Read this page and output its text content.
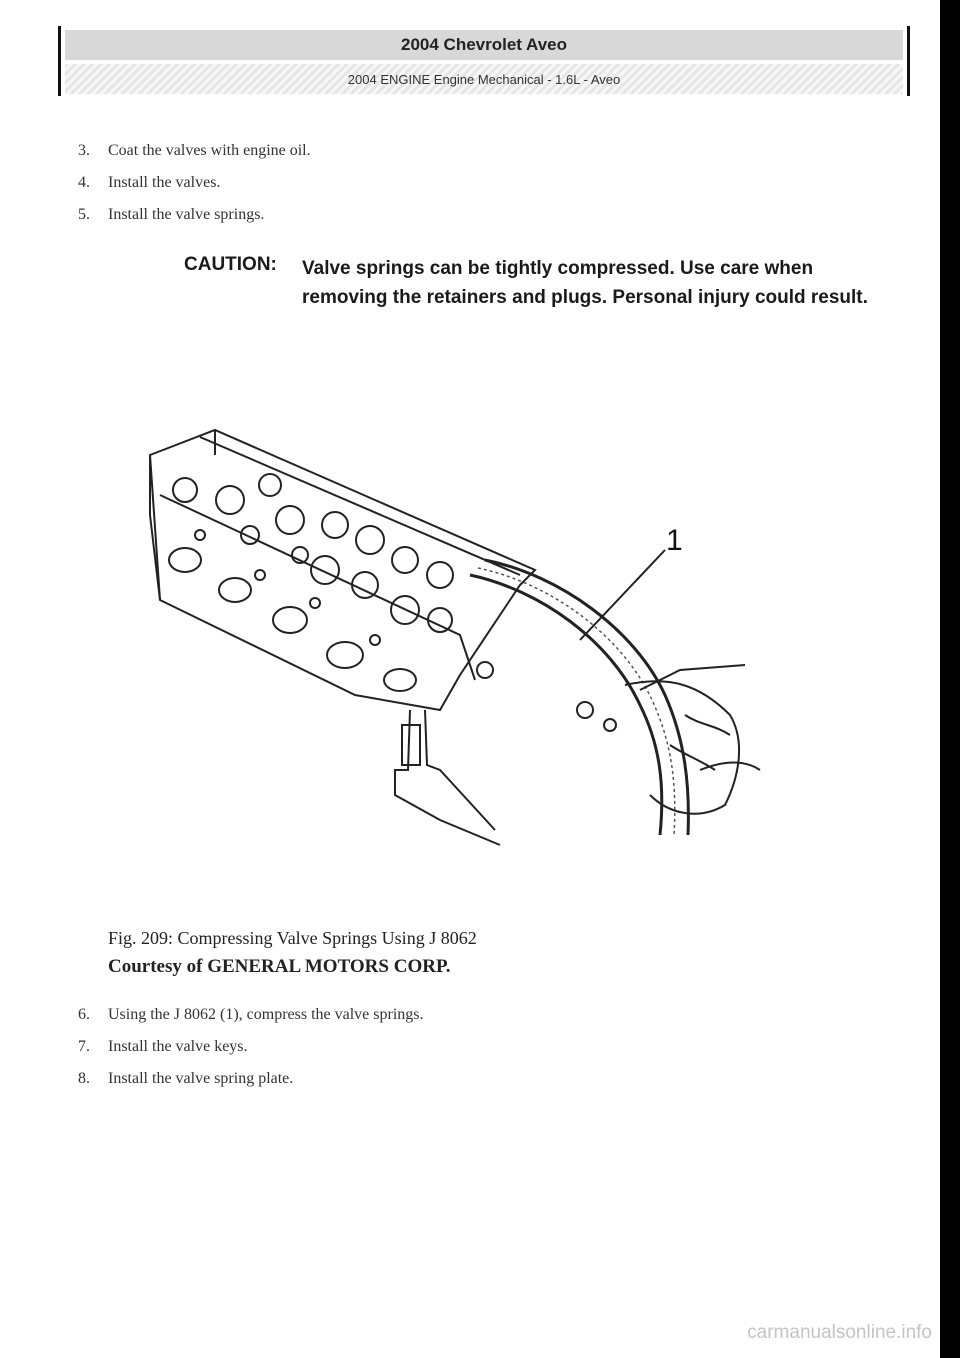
2004 Chevrolet Aveo
2004 ENGINE Engine Mechanical - 1.6L - Aveo
3. Coat the valves with engine oil.
4. Install the valves.
5. Install the valve springs.
CAUTION: Valve springs can be tightly compressed. Use care when removing the retainers and plugs. Personal injury could result.
1
Fig. 209: Compressing Valve Springs Using J 8062
Courtesy of GENERAL MOTORS CORP.
6. Using the J 8062 (1), compress the valve springs.
7. Install the valve keys.
8. Install the valve spring plate.
carmanualsonline.info
